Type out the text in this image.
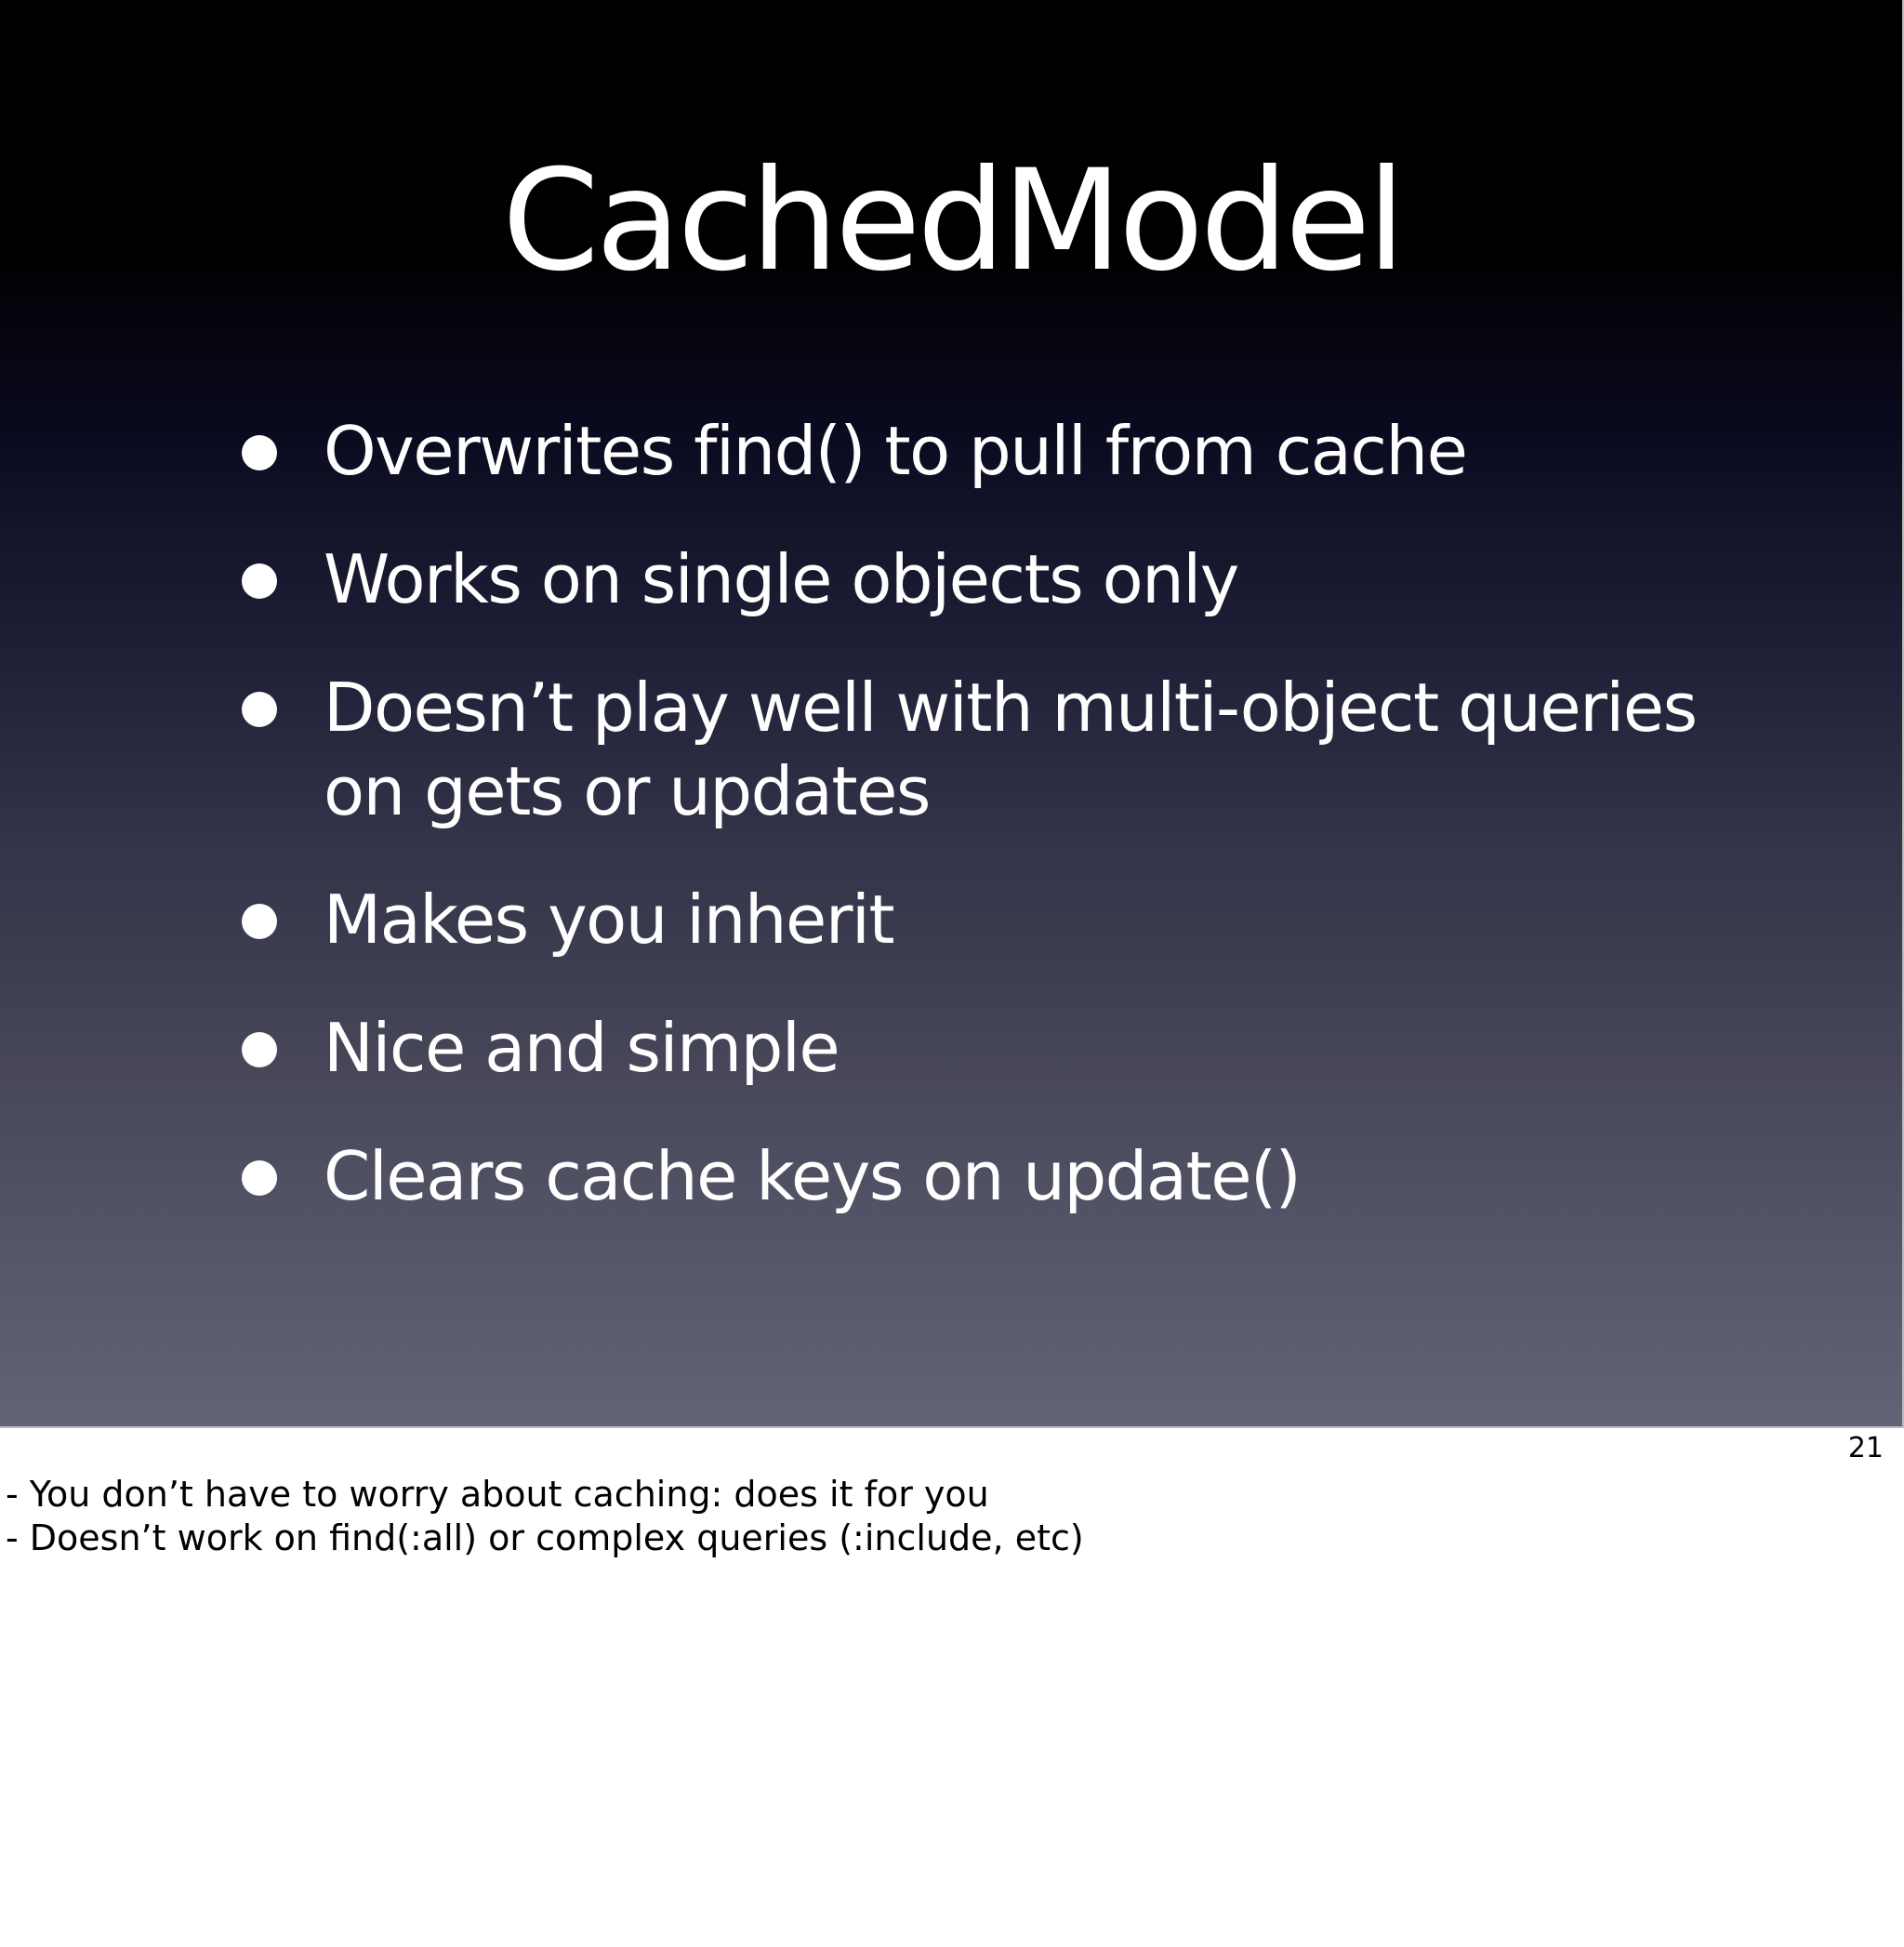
CachedModel
Overwrites find() to pull from cache
Works on single objects only
Doesn’t play well with multi-object queries on gets or updates
Makes you inherit
Nice and simple
Clears cache keys on update()
21
- You don’t have to worry about caching: does it for you
- Doesn’t work on find(:all) or complex queries (:include, etc)
